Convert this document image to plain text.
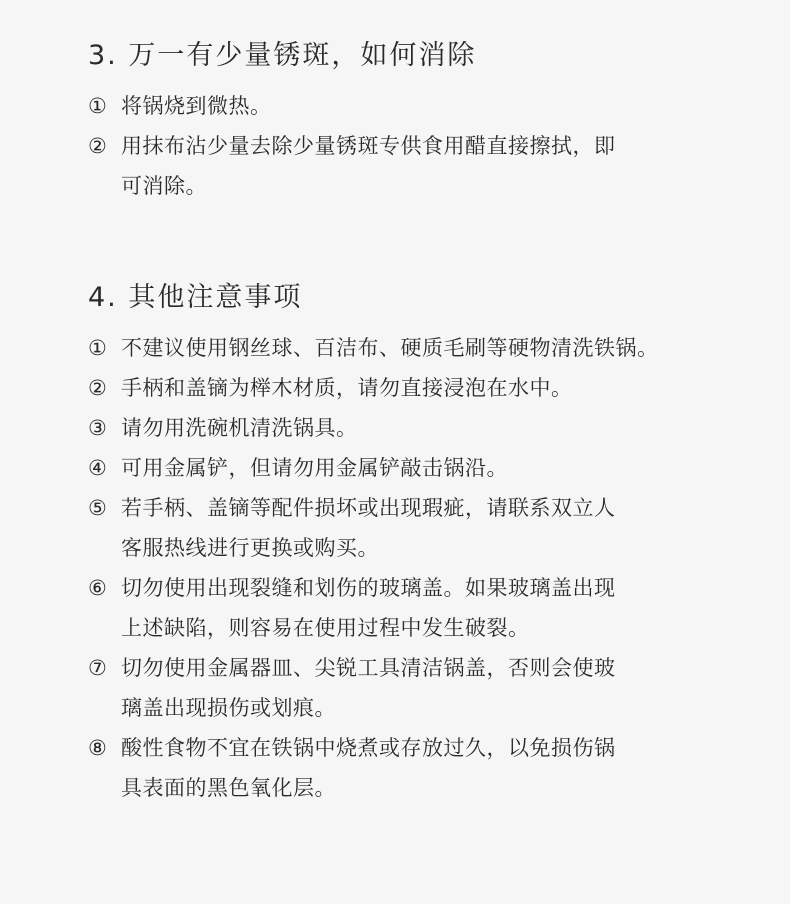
3. 万一有少量锈斑，如何消除
① 将锅烧到微热。
② 用抹布沾少量去除少量锈斑专供食用醋直接擦拭，即
可消除。
4. 其他注意事项
① 不建议使用钢丝球、百洁布、硬质毛刷等硬物清洗铁锅。
② 手柄和盖镝为榉木材质，请勿直接浸泡在水中。
③ 请勿用洗碗机清洗锅具。
④ 可用金属铲，但请勿用金属铲敲击锅沿。
⑤ 若手柄、盖镝等配件损坏或出现瑕疵，请联系双立人
客服热线进行更换或购买。
⑥ 切勿使用出现裂缝和划伤的玻璃盖。如果玻璃盖出现
上述缺陷，则容易在使用过程中发生破裂。
⑦ 切勿使用金属器皿、尖锐工具清洁锅盖，否则会使玻
璃盖出现损伤或划痕。
⑧ 酸性食物不宜在铁锅中烧煮或存放过久，以免损伤锅
具表面的黑色氧化层。
